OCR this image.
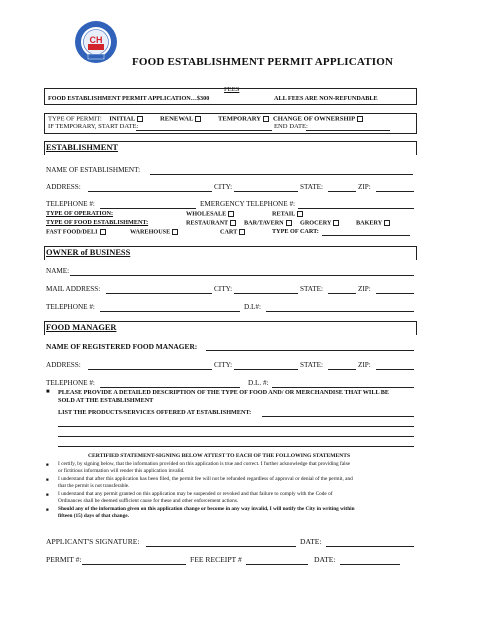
CH
FOOD ESTABLISHMENT PERMIT APPLICATION
FEES
FOOD ESTABLISHMENT PERMIT APPLICATION…$300	ALL FEES ARE NON-REFUNDABLE
TYPE OF PERMIT: INITIAL	RENEWAL	TEMPORARY	CHANGE OF OWNERSHIP
IF TEMPORARY, START DATE:	END DATE:
ESTABLISHMENT
NAME OF ESTABLISHMENT:
ADDRESS:	CITY:	STATE:	ZIP:
TELEPHONE #:	EMERGENCY TELEPHONE #:
TYPE OF OPERATION:	WHOLESALE	RETAIL
TYPE OF FOOD ESTABLISHMENT:	RESTAURANT	BAR/TAVERN	GROCERY	BAKERY
FAST FOOD/DELI	WAREHOUSE	CART	TYPE OF CART:
OWNER of BUSINESS
NAME:
MAIL ADDRESS:	CITY:	STATE:	ZIP:
TELEPHONE #:	D.L#:
FOOD MANAGER
NAME OF REGISTERED FOOD MANAGER:
ADDRESS:	CITY:	STATE:	ZIP:
TELEPHONE #:	D.L. #:
■ PLEASE PROVIDE A DETAILED DESCRIPTION OF THE TYPE OF FOOD AND/ OR MERCHANDISE THAT WILL BE
SOLD AT THE ESTABLISHMENT
LIST THE PRODUCTS/SERVICES OFFERED AT ESTABLISHMENT:
CERTIFIED STATEMENT-SIGNING BELOW ATTEST TO EACH OF THE FOLLOWING STATEMENTS
■ I certify, by signing below, that the information provided on this application is true and correct. I further acknowledge that providing false
or fictitious information will render this application invalid.
■ I understand that after this application has been filed, the permit fee will not be refunded regardless of approval or denial of the permit, and
that the permit is not transferable.
■ I understand that any permit granted on this application may be suspended or revoked and that failure to comply with the Code of
Ordinances shall be deemed sufficient cause for these and other enforcement actions.
■ Should any of the information given on this application change or become in any way invalid, I will notify the City in writing within
fifteen (15) days of that change.
APPLICANT'S SIGNATURE:	DATE:
PERMIT #:	FEE RECEIPT #	DATE:
